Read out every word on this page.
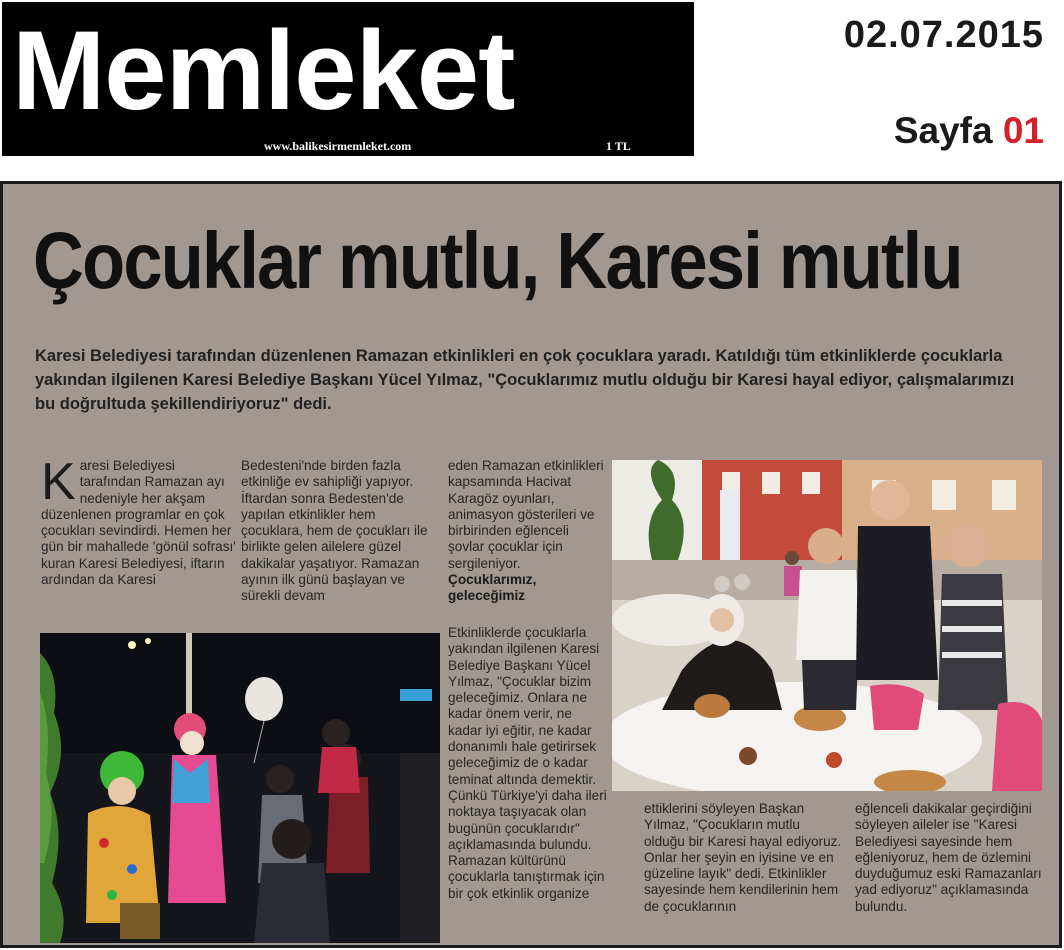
Memleket
www.balikesirmemleket.com	1 TL
02.07.2015
Sayfa 01
Çocuklar mutlu, Karesi mutlu
Karesi Belediyesi tarafından düzenlenen Ramazan etkinlikleri en çok çocuklara yaradı. Katıldığı tüm etkinliklerde çocuklarla yakından ilgilenen Karesi Belediye Başkanı Yücel Yılmaz, "Çocuklarımız mutlu olduğu bir Karesi hayal ediyor, çalışmalarımızı bu doğrultuda şekillendiriyoruz" dedi.
K aresi Belediyesi tarafından Ramazan ayı nedeniyle her akşam düzenlenen programlar en çok çocukları sevindirdi. Hemen her gün bir mahallede 'gönül sofrası' kuran Karesi Belediyesi, iftarın ardından da Karesi

Bedesteni'nde birden fazla etkinliğe ev sahipliği yapıyor. İftardan sonra Bedesten'de yapılan etkinlikler hem çocuklara, hem de çocukları ile birlikte gelen ailelere güzel dakikalar yaşatıyor. Ramazan ayının ilk günü başlayan ve sürekli devam

eden Ramazan etkinlikleri kapsamında Hacivat Karagöz oyunları, animasyon gösterileri ve birbirinden eğlenceli şovlar çocuklar için sergileniyor.

Çocuklarımız, geleceğimiz

Etkinliklerde çocuklarla yakından ilgilenen Karesi Belediye Başkanı Yücel Yılmaz, "Çocuklar bizim geleceğimiz. Onlara ne kadar önem verir, ne kadar iyi eğitir, ne kadar donanımlı hale getirirsek geleceğimiz de o kadar teminat altında demektir. Çünkü Türkiye'yi daha ileri noktaya taşıyacak olan bugünün çocuklarıdır" açıklamasında bulundu. Ramazan kültürünü çocuklarla tanıştırmak için bir çok etkinlik organize

ettiklerini söyleyen Başkan Yılmaz, "Çocukların mutlu olduğu bir Karesi hayal ediyoruz. Onlar her şeyin en iyisine ve en güzeline layık" dedi. Etkinlikler sayesinde hem kendilerinin hem de çocuklarının

eğlenceli dakikalar geçirdiğini söyleyen aileler ise "Karesi Belediyesi sayesinde hem eğleniyoruz, hem de özlemini duyduğumuz eski Ramazanları yad ediyoruz" açıklamasında bulundu.
